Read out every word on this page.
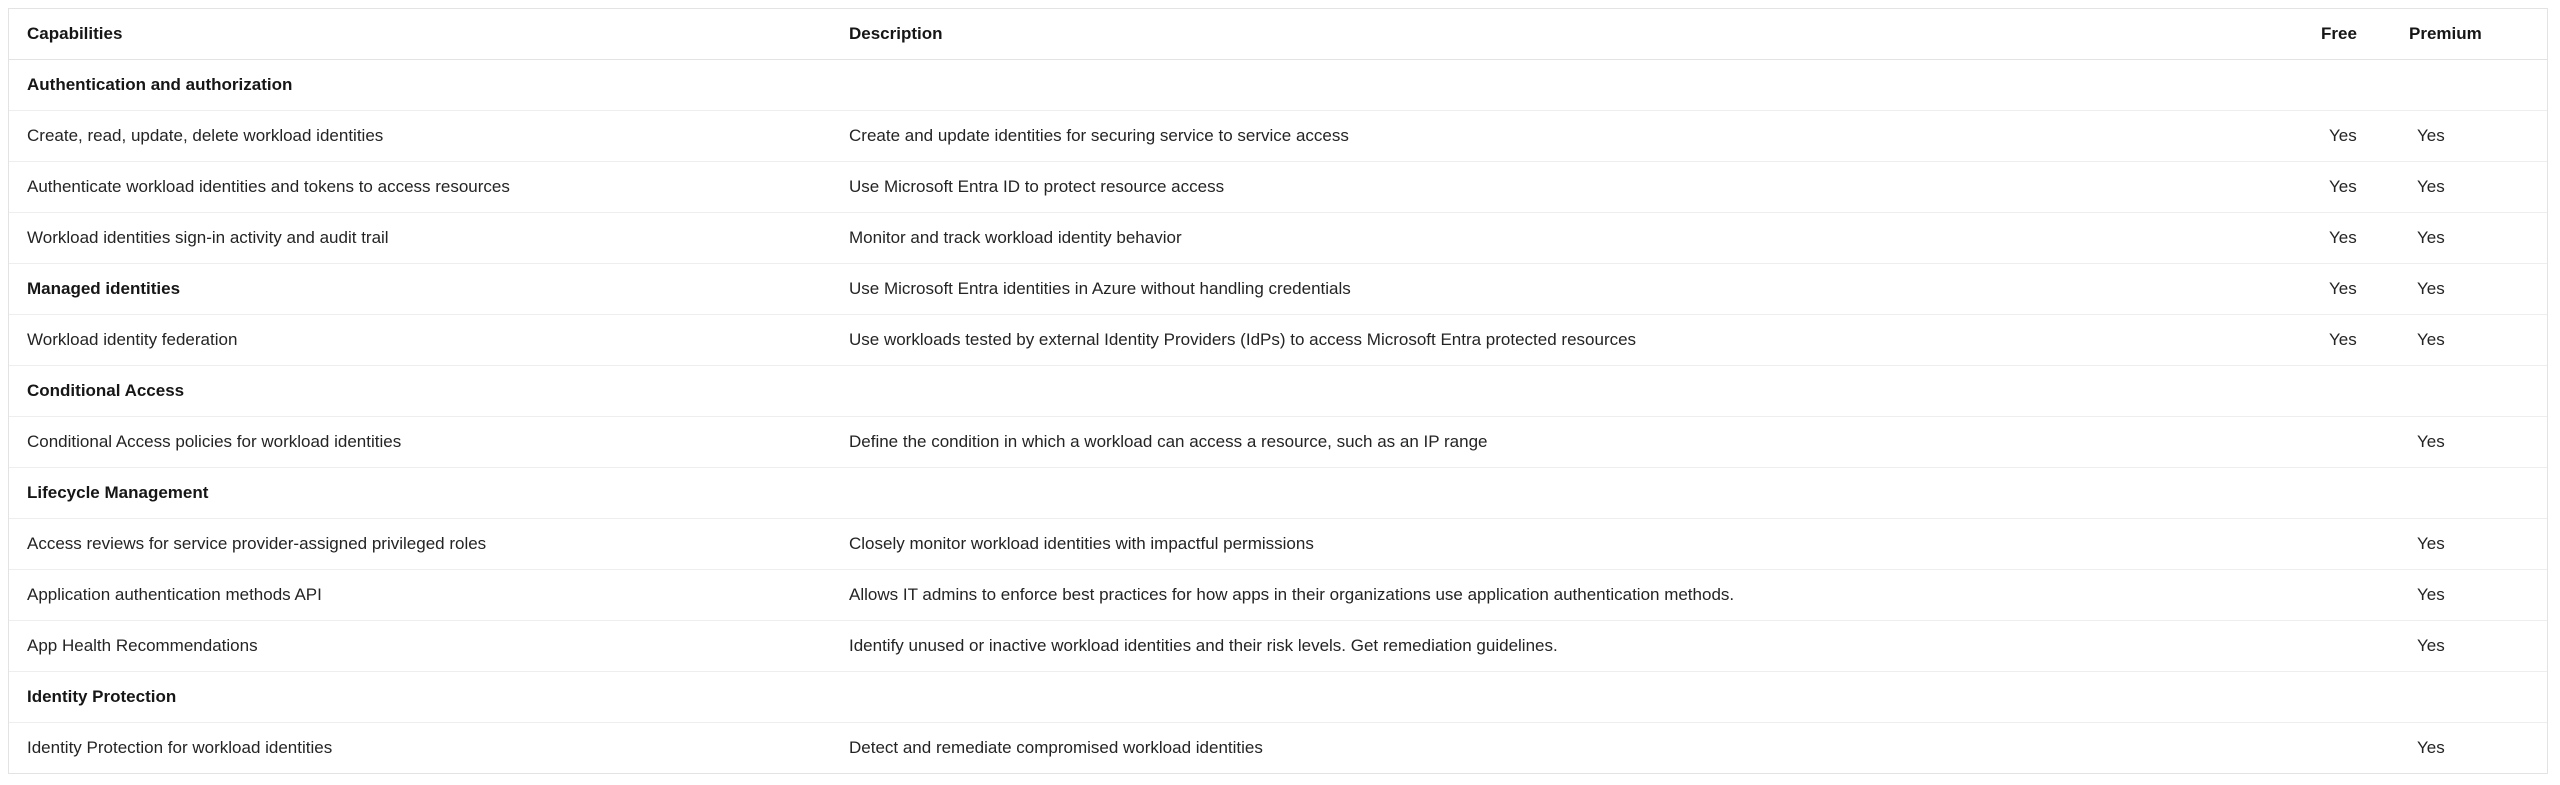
Capabilities	Description	Free	Premium
Authentication and authorization			
Create, read, update, delete workload identities	Create and update identities for securing service to service access	Yes	Yes
Authenticate workload identities and tokens to access resources	Use Microsoft Entra ID to protect resource access	Yes	Yes
Workload identities sign-in activity and audit trail	Monitor and track workload identity behavior	Yes	Yes
Managed identities	Use Microsoft Entra identities in Azure without handling credentials	Yes	Yes
Workload identity federation	Use workloads tested by external Identity Providers (IdPs) to access Microsoft Entra protected resources	Yes	Yes
Conditional Access			
Conditional Access policies for workload identities	Define the condition in which a workload can access a resource, such as an IP range		Yes
Lifecycle Management			
Access reviews for service provider-assigned privileged roles	Closely monitor workload identities with impactful permissions		Yes
Application authentication methods API	Allows IT admins to enforce best practices for how apps in their organizations use application authentication methods.		Yes
App Health Recommendations	Identify unused or inactive workload identities and their risk levels. Get remediation guidelines.		Yes
Identity Protection			
Identity Protection for workload identities	Detect and remediate compromised workload identities		Yes
